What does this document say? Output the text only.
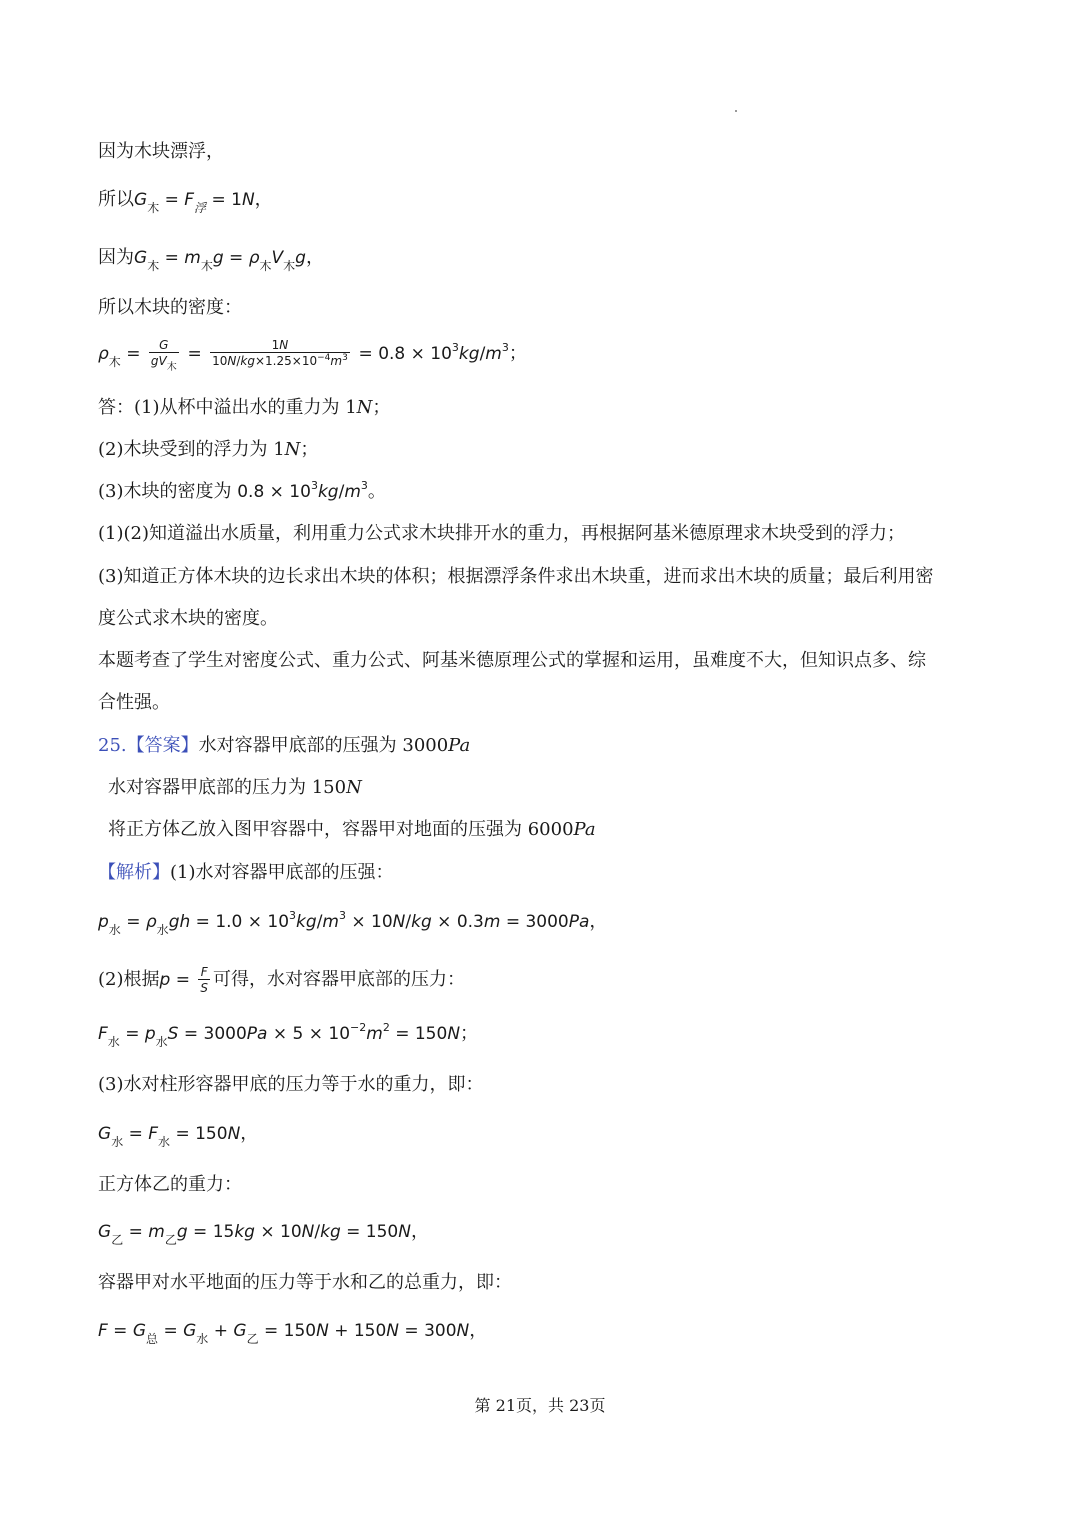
因为木块漂浮，
所以$G_木 = F_浮 = 1N$，
因为$G_木 = m_木g = \rho_木V_木g$，
所以木块的密度：
$\rho_木 = \frac{G}{gV_木} = \frac{1N}{10N/kg\times 1.25\times 10^{-4}m^3} = 0.8 \times 10^3kg/m^3$；
答：(1)从杯中溢出水的重力为 1N；
(2)木块受到的浮力为 1N；
(3)木块的密度为 $0.8 \times 10^3kg/m^3$。
(1)(2)知道溢出水质量，利用重力公式求木块排开水的重力，再根据阿基米德原理求木块受到的浮力；
(3)知道正方体木块的边长求出木块的体积；根据漂浮条件求出木块重，进而求出木块的质量；最后利用密
度公式求木块的密度。
本题考查了学生对密度公式、重力公式、阿基米德原理公式的掌握和运用，虽难度不大，但知识点多、综
合性强。
25.【答案】水对容器甲底部的压强为 3000Pa
水对容器甲底部的压力为 150N
将正方体乙放入图甲容器中，容器甲对地面的压强为 6000Pa
【解析】(1)水对容器甲底部的压强：
$p_水 = \rho_水gh = 1.0 \times 10^3kg/m^3 \times 10N/kg \times 0.3m = 3000Pa$，
(2)根据$p = \frac{F}{S}$ 可得，水对容器甲底部的压力：
$F_水 = p_水S = 3000Pa \times 5 \times 10^{-2}m^2 = 150N$；
(3)水对柱形容器甲底的压力等于水的重力，即：
$G_水 = F_水 = 150N$，
正方体乙的重力：
$G_乙 = m_乙g = 15kg \times 10N/kg = 150N$，
容器甲对水平地面的压力等于水和乙的总重力，即：
$F = G_总 = G_水 + G_乙 = 150N + 150N = 300N$，
第 21页，共 23页
